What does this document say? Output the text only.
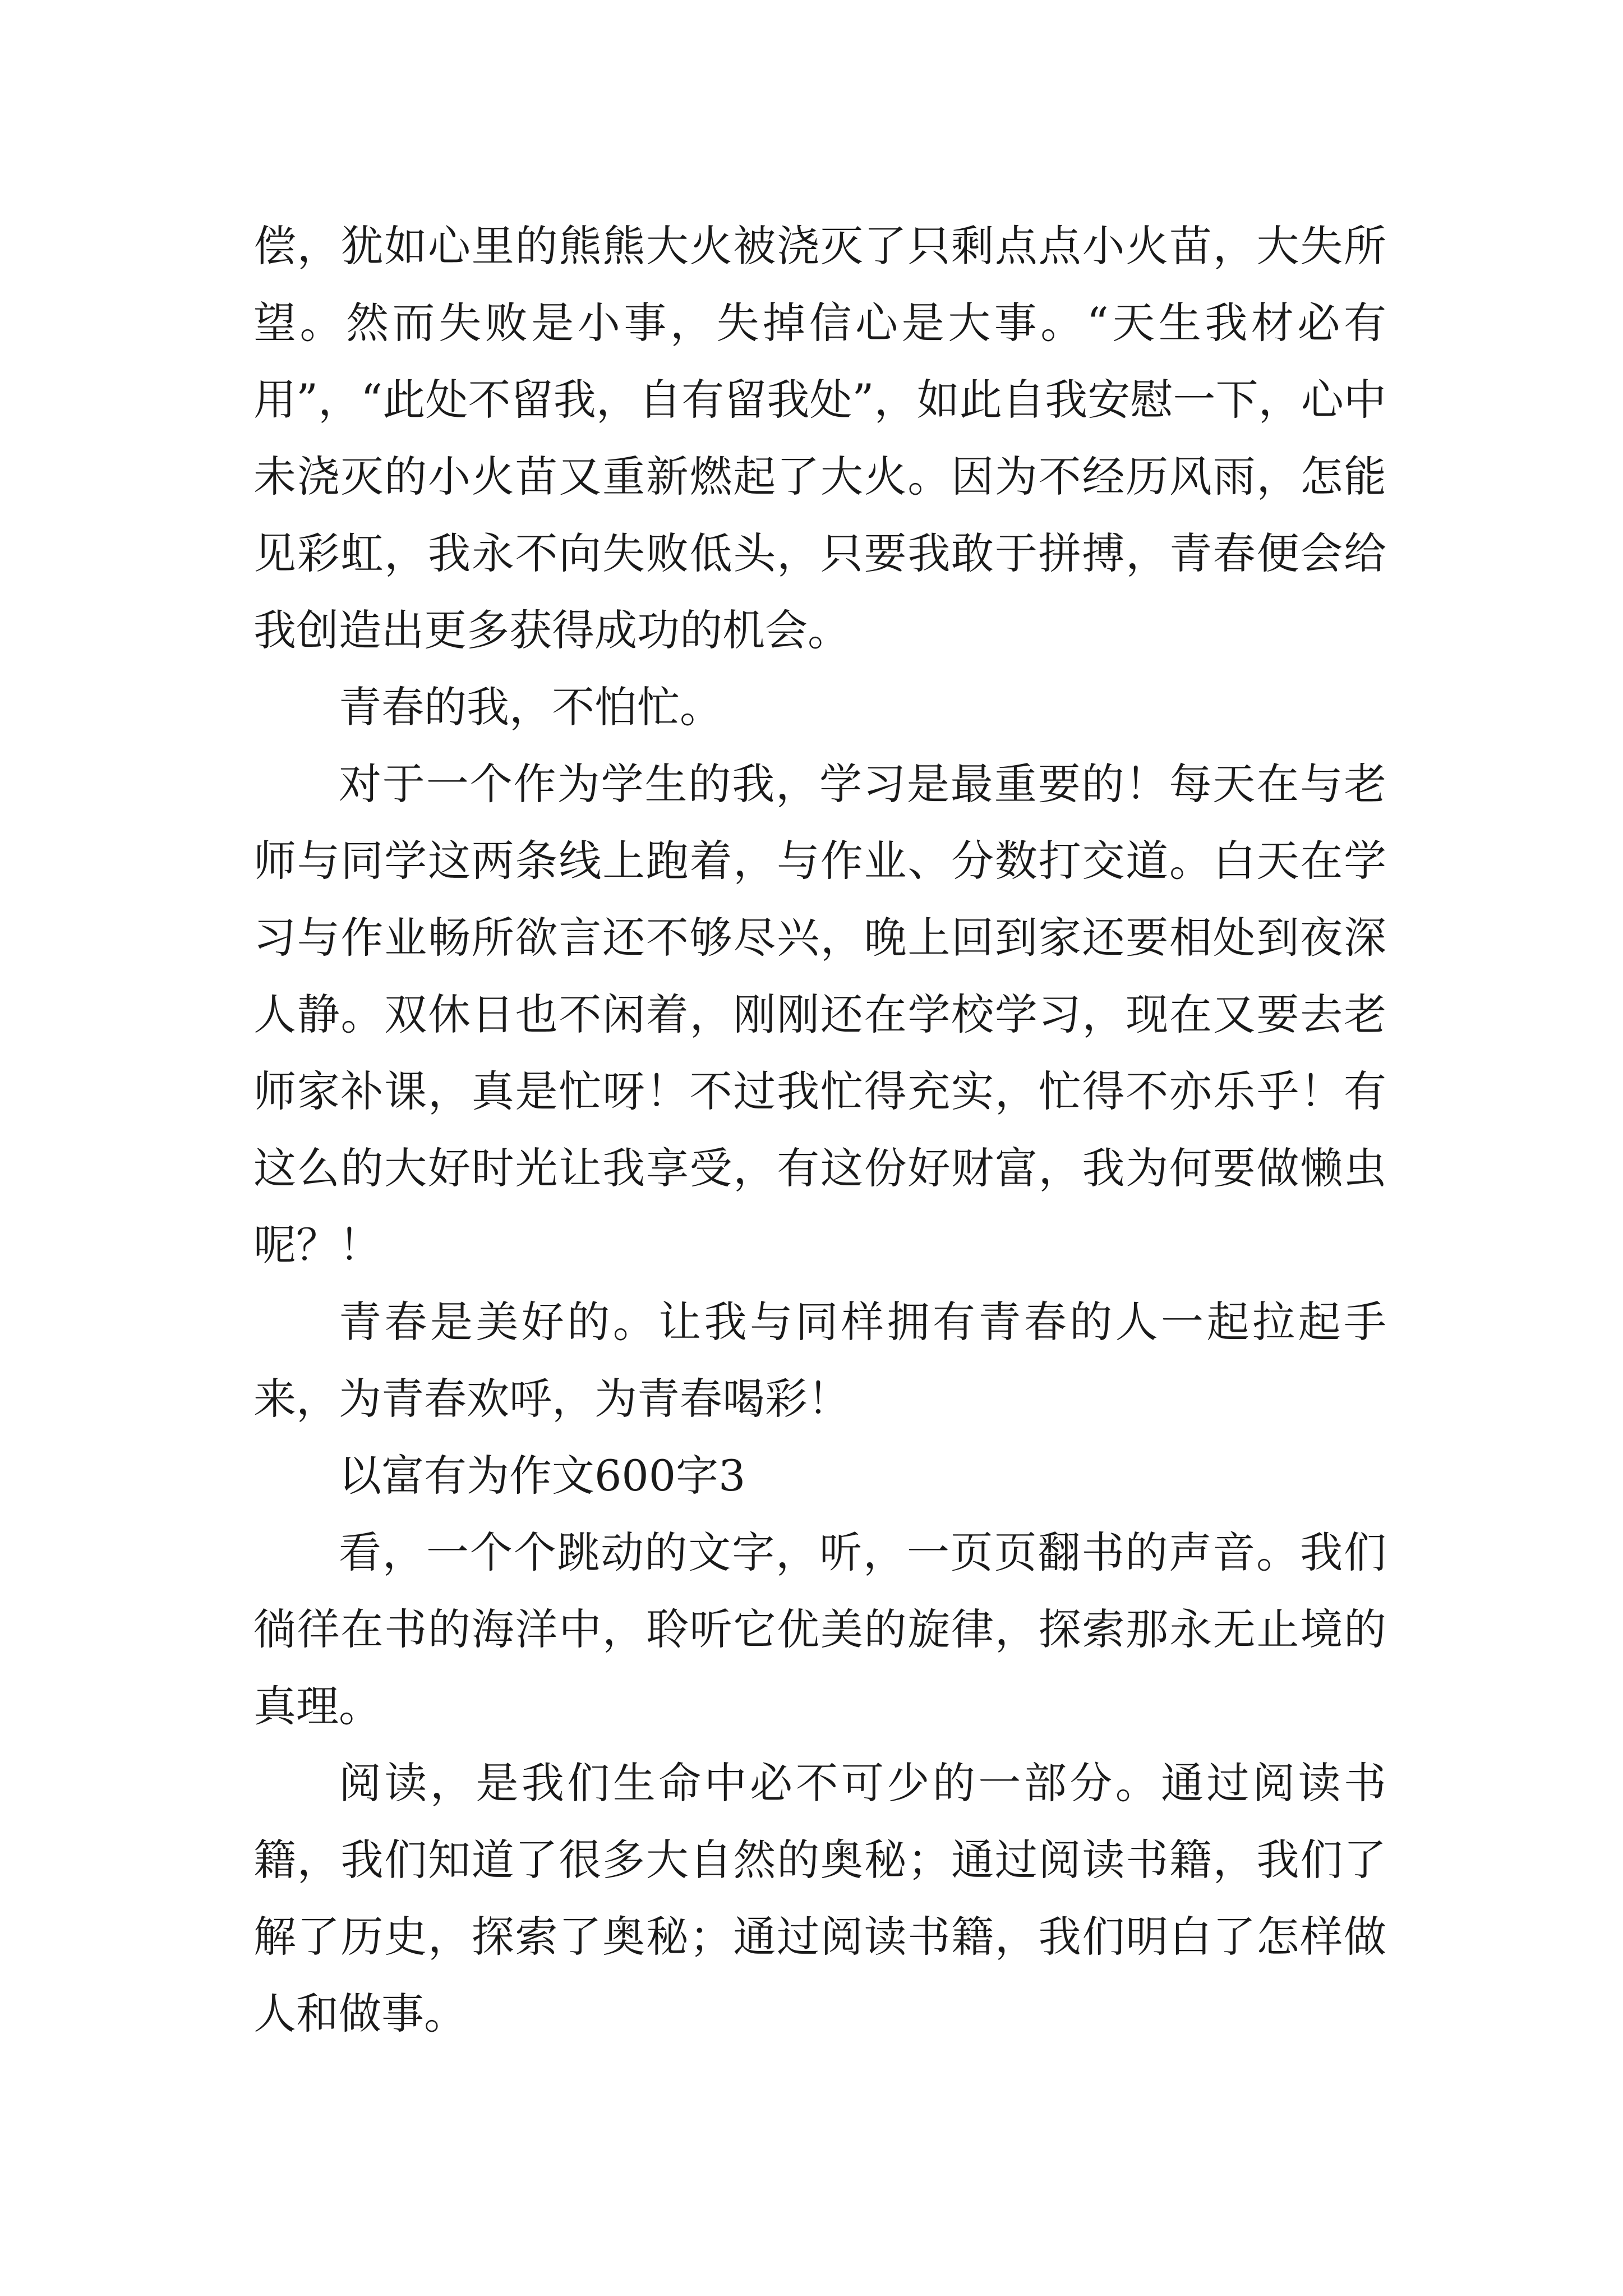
偿，犹如心里的熊熊大火被浇灭了只剩点点小火苗，大失所望。然而失败是小事，失掉信心是大事。“天生我材必有用”，“此处不留我，自有留我处”，如此自我安慰一下，心中未浇灭的小火苗又重新燃起了大火。因为不经历风雨，怎能见彩虹，我永不向失败低头，只要我敢于拼搏，青春便会给我创造出更多获得成功的机会。

青春的我，不怕忙。

对于一个作为学生的我，学习是最重要的！每天在与老师与同学这两条线上跑着，与作业、分数打交道。白天在学习与作业畅所欲言还不够尽兴，晚上回到家还要相处到夜深人静。双休日也不闲着，刚刚还在学校学习，现在又要去老师家补课，真是忙呀！不过我忙得充实，忙得不亦乐乎！有这么的大好时光让我享受，有这份好财富，我为何要做懒虫呢？！

青春是美好的。让我与同样拥有青春的人一起拉起手来，为青春欢呼，为青春喝彩！

以富有为作文600字3

看，一个个跳动的文字，听，一页页翻书的声音。我们徜徉在书的海洋中，聆听它优美的旋律，探索那永无止境的真理。

阅读，是我们生命中必不可少的一部分。通过阅读书籍，我们知道了很多大自然的奥秘；通过阅读书籍，我们了解了历史，探索了奥秘；通过阅读书籍，我们明白了怎样做人和做事。
